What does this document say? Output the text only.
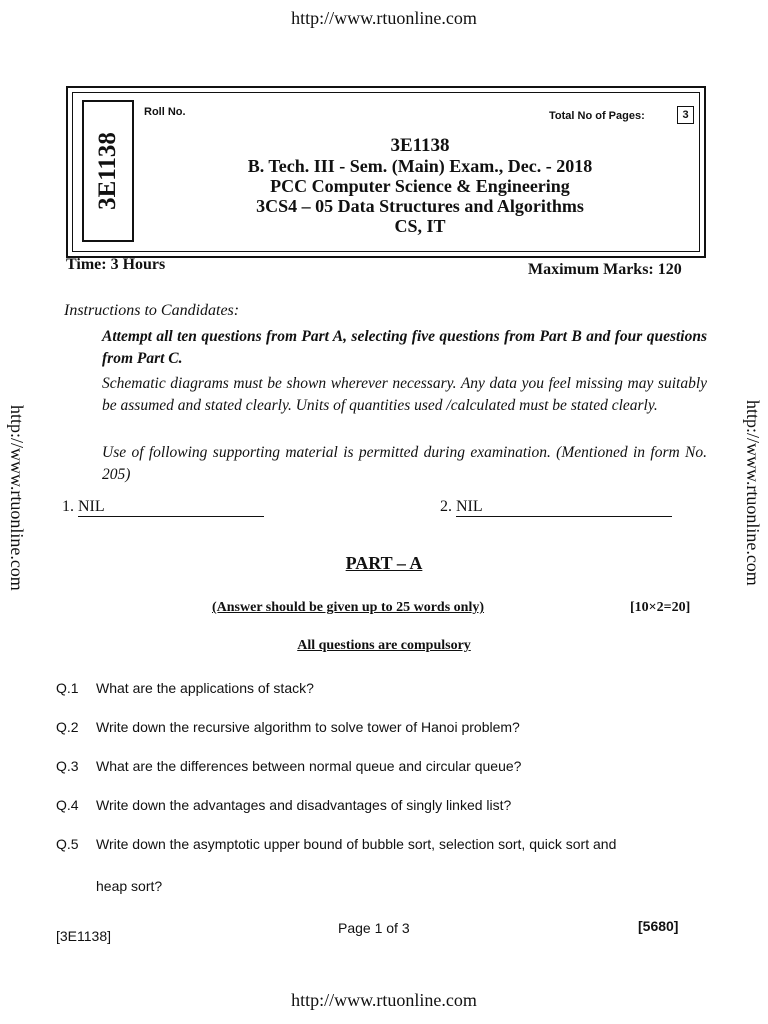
http://www.rtuonline.com
http://www.rtuonline.com	http://www.rtuonline.com
3E1138
Roll No.	Total No of Pages:	3
3E1138
B. Tech. III - Sem. (Main) Exam., Dec. - 2018
PCC Computer Science & Engineering
3CS4 – 05 Data Structures and Algorithms
CS, IT
Time: 3 Hours	Maximum Marks: 120
Instructions to Candidates:
Attempt all ten questions from Part A, selecting five questions from Part B and four questions from Part C.
Schematic diagrams must be shown wherever necessary. Any data you feel missing may suitably be assumed and stated clearly. Units of quantities used /calculated must be stated clearly.
Use of following supporting material is permitted during examination. (Mentioned in form No. 205)
1. NIL	2. NIL
PART – A
(Answer should be given up to 25 words only)	[10×2=20]
All questions are compulsory
Q.1 What are the applications of stack?
Q.2 Write down the recursive algorithm to solve tower of Hanoi problem?
Q.3 What are the differences between normal queue and circular queue?
Q.4 Write down the advantages and disadvantages of singly linked list?
Q.5 Write down the asymptotic upper bound of bubble sort, selection sort, quick sort and
heap sort?
[3E1138]	Page 1 of 3	[5680]
http://www.rtuonline.com
